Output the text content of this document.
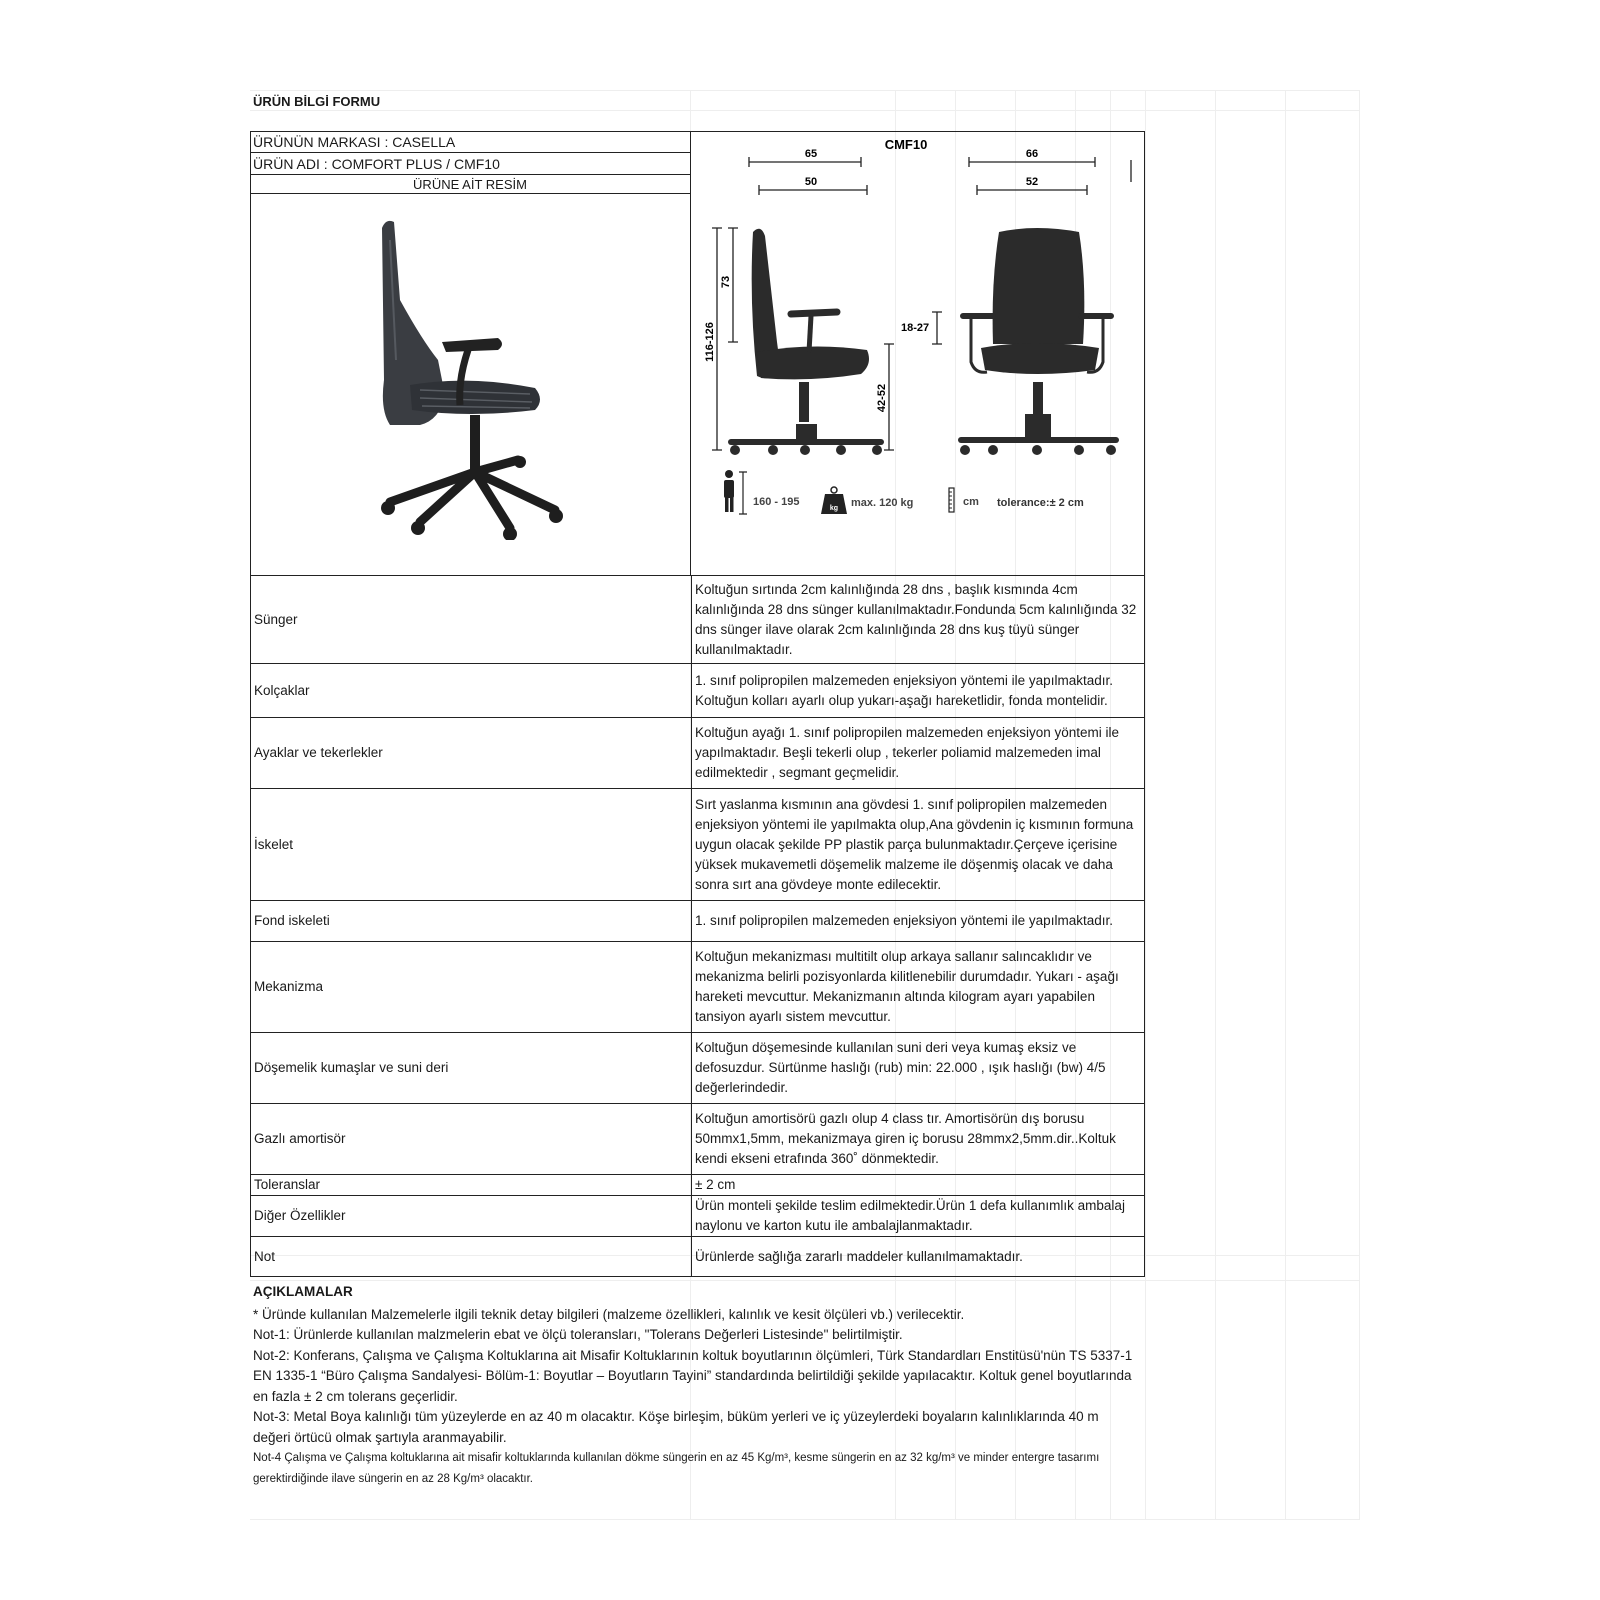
ÜRÜN BİLGİ FORMU
ÜRÜNÜN MARKASI : CASELLA
ÜRÜN ADI : COMFORT PLUS / CMF10
ÜRÜNE AİT RESİM
CMF10
65
50
66
52
116-126
73
42-52
18-27
160 - 195
kg max. 120 kg	cm tolerance:± 2 cm
Sünger	Koltuğun sırtında 2cm kalınlığında 28 dns , başlık kısmında 4cm kalınlığında 28 dns sünger kullanılmaktadır.Fondunda 5cm kalınlığında 32 dns sünger ilave olarak 2cm kalınlığında 28 dns kuş tüyü sünger kullanılmaktadır.
Kolçaklar	1. sınıf polipropilen malzemeden enjeksiyon yöntemi ile yapılmaktadır. Koltuğun kolları ayarlı olup yukarı-aşağı hareketlidir, fonda montelidir.
Ayaklar ve tekerlekler	Koltuğun ayağı 1. sınıf polipropilen malzemeden enjeksiyon yöntemi ile yapılmaktadır. Beşli tekerli olup , tekerler poliamid malzemeden imal edilmektedir , segmant geçmelidir.
İskelet	Sırt yaslanma kısmının ana gövdesi 1. sınıf polipropilen malzemeden enjeksiyon yöntemi ile yapılmakta olup,Ana gövdenin iç kısmının formuna uygun olacak şekilde PP plastik parça bulunmaktadır.Çerçeve içerisine yüksek mukavemetli döşemelik malzeme ile döşenmiş olacak ve daha sonra sırt ana gövdeye monte edilecektir.
Fond iskeleti	1. sınıf polipropilen malzemeden enjeksiyon yöntemi ile yapılmaktadır.
Mekanizma	Koltuğun mekanizması multitilt olup arkaya sallanır salıncaklıdır ve mekanizma belirli pozisyonlarda kilitlenebilir durumdadır. Yukarı - aşağı hareketi mevcuttur. Mekanizmanın altında kilogram ayarı yapabilen tansiyon ayarlı sistem mevcuttur.
Döşemelik kumaşlar ve suni deri	Koltuğun döşemesinde kullanılan suni deri veya kumaş eksiz ve defosuzdur. Sürtünme haslığı (rub) min: 22.000 , ışık haslığı (bw) 4/5 değerlerindedir.
Gazlı amortisör	Koltuğun amortisörü gazlı olup 4 class tır. Amortisörün dış borusu 50mmx1,5mm, mekanizmaya giren iç borusu 28mmx2,5mm.dir..Koltuk kendi ekseni etrafında 360˚ dönmektedir.
Toleranslar	± 2 cm
Diğer Özellikler	Ürün monteli şekilde teslim edilmektedir.Ürün 1 defa kullanımlık ambalaj naylonu ve karton kutu ile ambalajlanmaktadır.
Not	Ürünlerde sağlığa zararlı maddeler kullanılmamaktadır.
AÇIKLAMALAR
* Üründe kullanılan Malzemelerle ilgili teknik detay bilgileri (malzeme özellikleri, kalınlık ve kesit ölçüleri vb.) verilecektir.
Not-1: Ürünlerde kullanılan malzmelerin ebat ve ölçü toleransları, "Tolerans Değerleri Listesinde" belirtilmiştir.
Not-2: Konferans, Çalışma ve Çalışma Koltuklarına ait Misafir Koltuklarının koltuk boyutlarının ölçümleri, Türk Standardları Enstitüsü'nün TS 5337-1 EN 1335-1 “Büro Çalışma Sandalyesi- Bölüm-1: Boyutlar – Boyutların Tayini” standardında belirtildiği şekilde yapılacaktır. Koltuk genel boyutlarında en fazla ± 2 cm tolerans geçerlidir.
Not-3: Metal Boya kalınlığı tüm yüzeylerde en az 40 m olacaktır. Köşe birleşim, büküm yerleri ve iç yüzeylerdeki boyaların kalınlıklarında 40 m değeri örtücü olmak şartıyla aranmayabilir.
Not-4 Çalışma ve Çalışma koltuklarına ait misafir koltuklarında kullanılan dökme süngerin en az 45 Kg/m³, kesme süngerin en az 32 kg/m³ ve minder entergre tasarımı gerektirdiğinde ilave süngerin en az 28 Kg/m³ olacaktır.
